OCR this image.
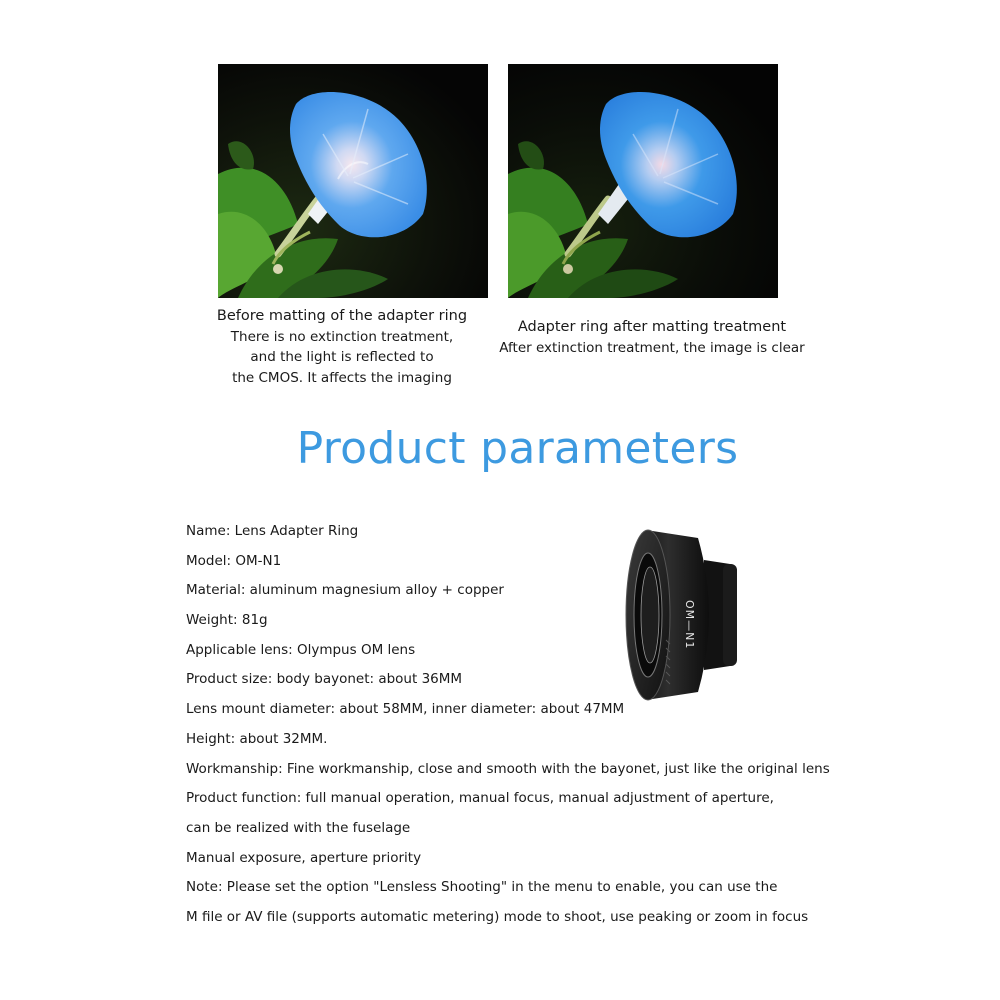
Before matting of the adapter ring
There is no extinction treatment,
and the light is reflected to
the CMOS. It affects the imaging
Adapter ring after matting treatment
After extinction treatment, the image is clear
Product parameters
Name: Lens Adapter Ring
Model: OM-N1
Material: aluminum magnesium alloy + copper
Weight: 81g
Applicable lens: Olympus OM lens
Product size: body bayonet: about 36MM
Lens mount diameter: about 58MM, inner diameter: about 47MM
Height: about 32MM.
Workmanship: Fine workmanship, close and smooth with the bayonet, just like the original lens
Product function: full manual operation, manual focus, manual adjustment of aperture,
can be realized with the fuselage
Manual exposure, aperture priority
Note: Please set the option "Lensless Shooting" in the menu to enable, you can use the
M file or AV file (supports automatic metering) mode to shoot, use peaking or zoom in focus
OM—N1
